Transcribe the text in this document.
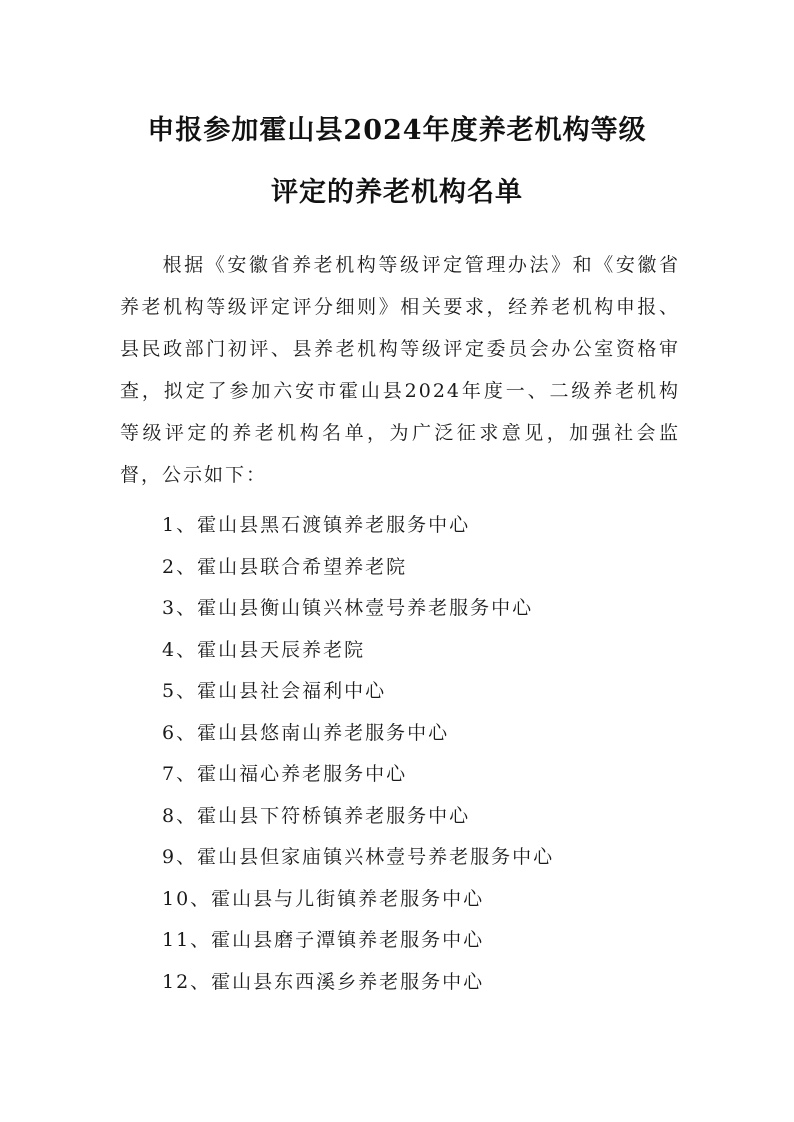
申报参加霍山县2024年度养老机构等级
评定的养老机构名单
根据《安徽省养老机构等级评定管理办法》和《安徽省养老机构等级评定评分细则》相关要求，经养老机构申报、县民政部门初评、县养老机构等级评定委员会办公室资格审查，拟定了参加六安市霍山县2024年度一、二级养老机构等级评定的养老机构名单，为广泛征求意见，加强社会监督，公示如下：
1、霍山县黑石渡镇养老服务中心
2、霍山县联合希望养老院
3、霍山县衡山镇兴林壹号养老服务中心
4、霍山县天辰养老院
5、霍山县社会福利中心
6、霍山县悠南山养老服务中心
7、霍山福心养老服务中心
8、霍山县下符桥镇养老服务中心
9、霍山县但家庙镇兴林壹号养老服务中心
10、霍山县与儿街镇养老服务中心
11、霍山县磨子潭镇养老服务中心
12、霍山县东西溪乡养老服务中心
